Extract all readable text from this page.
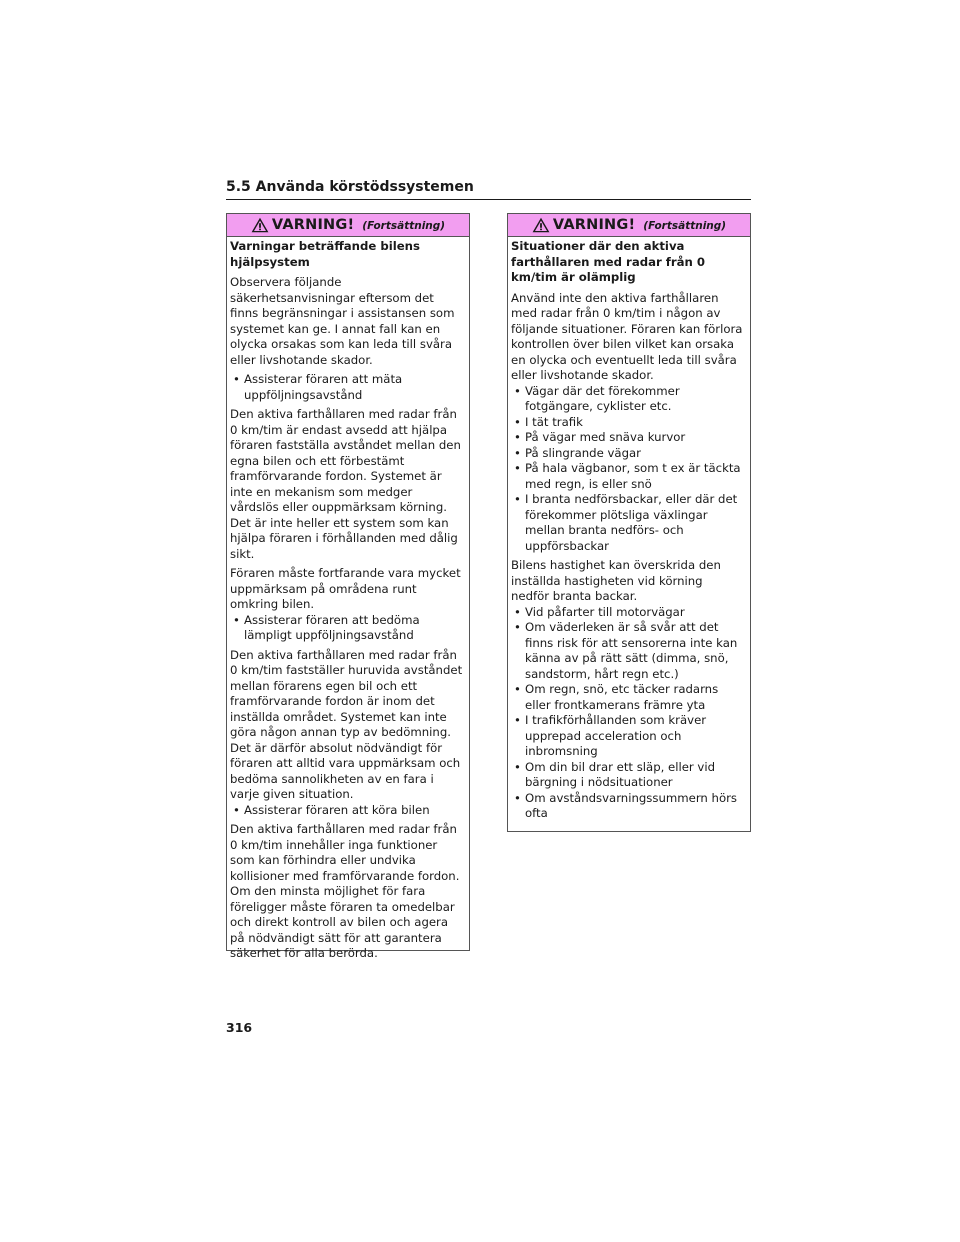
5.5 Använda körstödssystemen
VARNING! (Fortsättning)

Varningar beträffande bilens hjälpsystem

Observera följande säkerhetsanvisningar eftersom det finns begränsningar i assistansen som systemet kan ge. I annat fall kan en olycka orsakas som kan leda till svåra eller livshotande skador.

• Assisterar föraren att mäta uppföljningsavstånd

Den aktiva farthållaren med radar från 0 km/tim är endast avsedd att hjälpa föraren fastställa avståndet mellan den egna bilen och ett förbestämt framförvarande fordon. Systemet är inte en mekanism som medger vårdslös eller ouppmärksam körning. Det är inte heller ett system som kan hjälpa föraren i förhållanden med dålig sikt.

Föraren måste fortfarande vara mycket uppmärksam på områdena runt omkring bilen.

• Assisterar föraren att bedöma lämpligt uppföljningsavstånd

Den aktiva farthållaren med radar från 0 km/tim fastställer huruvida avståndet mellan förarens egen bil och ett framförvarande fordon är inom det inställda området. Systemet kan inte göra någon annan typ av bedömning. Det är därför absolut nödvändigt för föraren att alltid vara uppmärksam och bedöma sannolikheten av en fara i varje given situation.

• Assisterar föraren att köra bilen

Den aktiva farthållaren med radar från 0 km/tim innehåller inga funktioner som kan förhindra eller undvika kollisioner med framförvarande fordon. Om den minsta möjlighet för fara föreligger måste föraren ta omedelbar och direkt kontroll av bilen och agera på nödvändigt sätt för att garantera säkerhet för alla berörda.

VARNING! (Fortsättning)

Situationer där den aktiva farthållaren med radar från 0 km/tim är olämplig

Använd inte den aktiva farthållaren med radar från 0 km/tim i någon av följande situationer. Föraren kan förlora kontrollen över bilen vilket kan orsaka en olycka och eventuellt leda till svåra eller livshotande skador.

• Vägar där det förekommer fotgängare, cyklister etc.
• I tät trafik
• På vägar med snäva kurvor
• På slingrande vägar
• På hala vägbanor, som t ex är täckta med regn, is eller snö
• I branta nedförsbackar, eller där det förekommer plötsliga växlingar mellan branta nedförs- och uppförsbackar

Bilens hastighet kan överskrida den inställda hastigheten vid körning nedför branta backar.

• Vid påfarter till motorvägar
• Om väderleken är så svår att det finns risk för att sensorerna inte kan känna av på rätt sätt (dimma, snö, sandstorm, hårt regn etc.)
• Om regn, snö, etc täcker radarns eller frontkamerans främre yta
• I trafikförhållanden som kräver upprepad acceleration och inbromsning
• Om din bil drar ett släp, eller vid bärgning i nödsituationer
• Om avståndsvarningssummern hörs ofta
316
